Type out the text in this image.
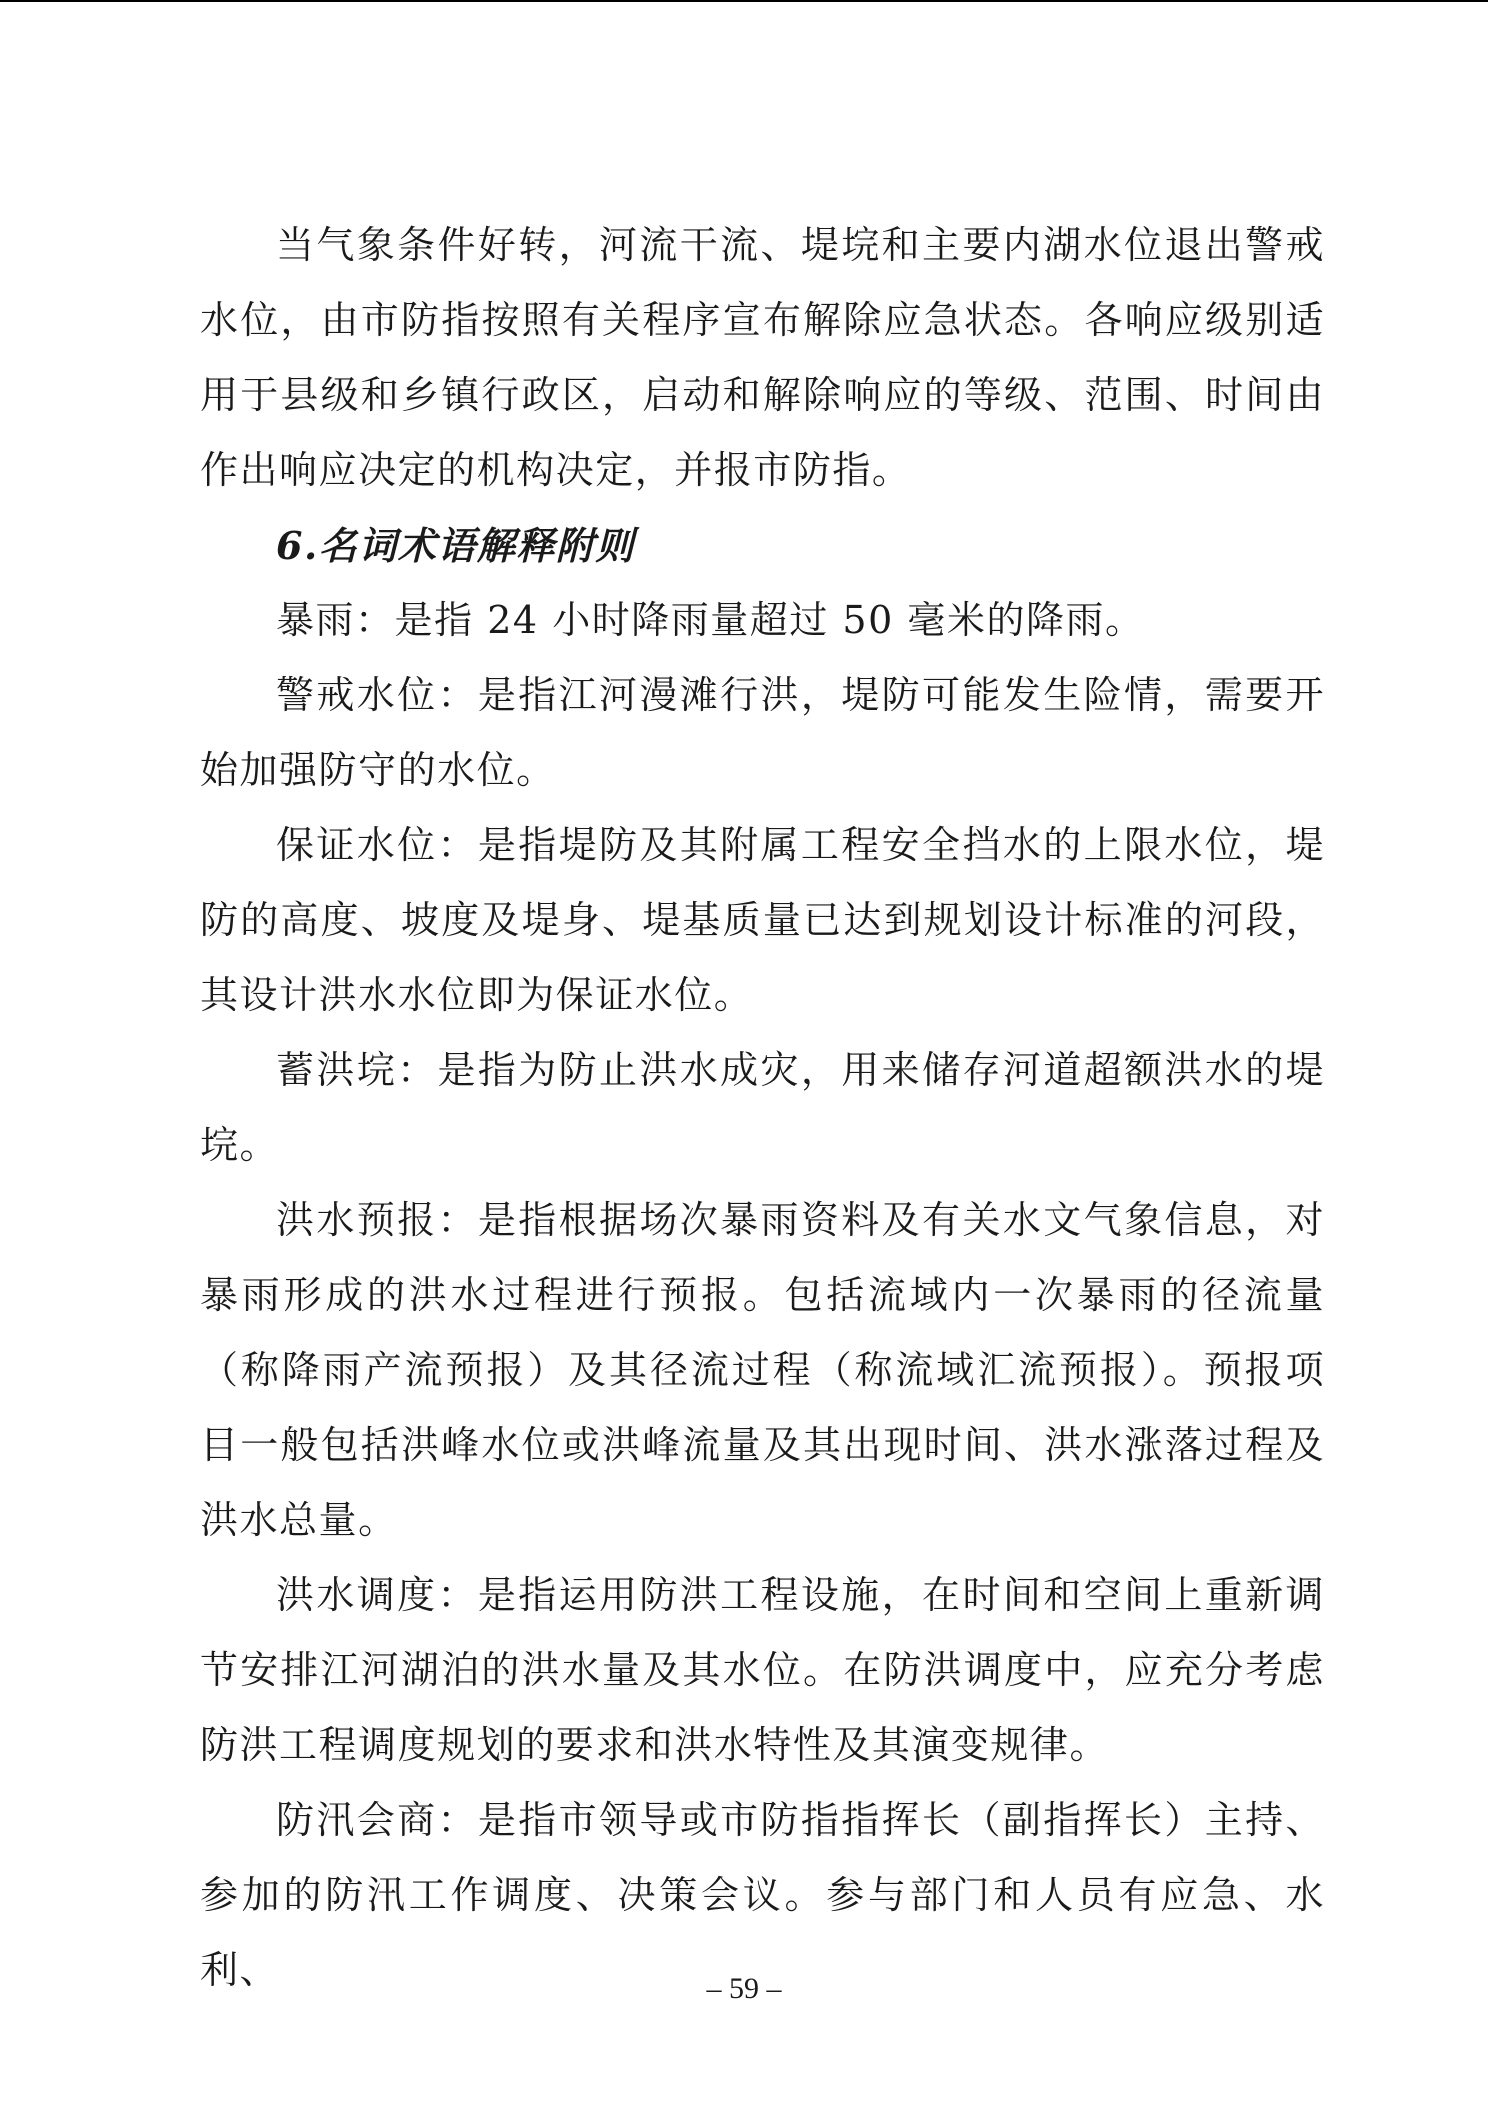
当气象条件好转，河流干流、堤垸和主要内湖水位退出警戒水位，由市防指按照有关程序宣布解除应急状态。各响应级别适用于县级和乡镇行政区，启动和解除响应的等级、范围、时间由作出响应决定的机构决定，并报市防指。

6.名词术语解释附则

暴雨：是指 24 小时降雨量超过 50 毫米的降雨。

警戒水位：是指江河漫滩行洪，堤防可能发生险情，需要开始加强防守的水位。

保证水位：是指堤防及其附属工程安全挡水的上限水位，堤防的高度、坡度及堤身、堤基质量已达到规划设计标准的河段，其设计洪水水位即为保证水位。

蓄洪垸：是指为防止洪水成灾，用来储存河道超额洪水的堤垸。

洪水预报：是指根据场次暴雨资料及有关水文气象信息，对暴雨形成的洪水过程进行预报。包括流域内一次暴雨的径流量（称降雨产流预报）及其径流过程（称流域汇流预报）。预报项目一般包括洪峰水位或洪峰流量及其出现时间、洪水涨落过程及洪水总量。

洪水调度：是指运用防洪工程设施，在时间和空间上重新调节安排江河湖泊的洪水量及其水位。在防洪调度中，应充分考虑防洪工程调度规划的要求和洪水特性及其演变规律。

防汛会商：是指市领导或市防指指挥长（副指挥长）主持、参加的防汛工作调度、决策会议。参与部门和人员有应急、水利、	– 59 –
